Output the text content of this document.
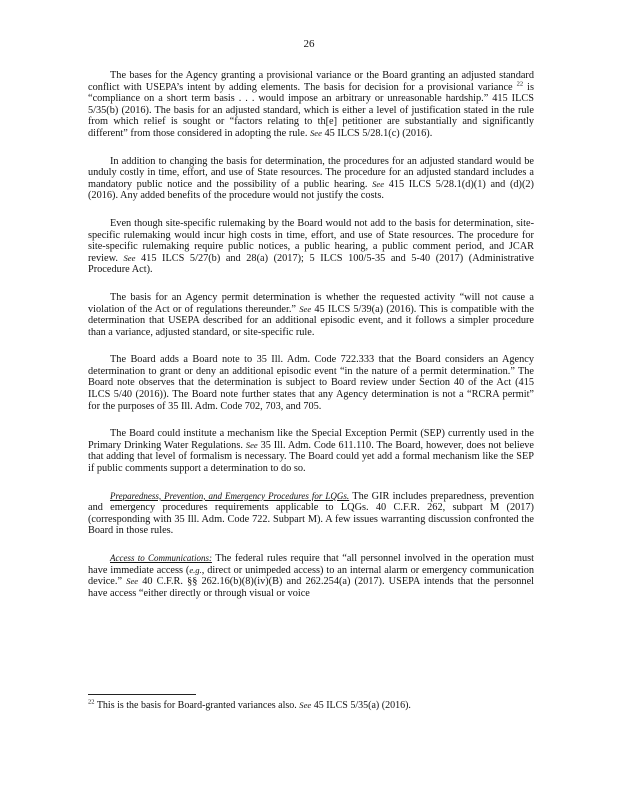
26

The bases for the Agency granting a provisional variance or the Board granting an adjusted standard conflict with USEPA’s intent by adding elements. The basis for decision for a provisional variance $^{22}$ is “compliance on a short term basis . . . would impose an arbitrary or unreasonable hardship.” 415 ILCS 5/35(b) (2016). The basis for an adjusted standard, which is either a level of justification stated in the rule from which relief is sought or “factors relating to th[e] petitioner are substantially and significantly different” from those considered in adopting the rule. See 45 ILCS 5/28.1(c) (2016).

In addition to changing the basis for determination, the procedures for an adjusted standard would be unduly costly in time, effort, and use of State resources. The procedure for an adjusted standard includes a mandatory public notice and the possibility of a public hearing. See 415 ILCS 5/28.1(d)(1) and (d)(2) (2016). Any added benefits of the procedure would not justify the costs.

Even though site-specific rulemaking by the Board would not add to the basis for determination, site-specific rulemaking would incur high costs in time, effort, and use of State resources. The procedure for site-specific rulemaking require public notices, a public hearing, a public comment period, and JCAR review. See 415 ILCS 5/27(b) and 28(a) (2017); 5 ILCS 100/5-35 and 5-40 (2017) (Administrative Procedure Act).

The basis for an Agency permit determination is whether the requested activity “will not cause a violation of the Act or of regulations thereunder.” See 45 ILCS 5/39(a) (2016). This is compatible with the determination that USEPA described for an additional episodic event, and it follows a simpler procedure than a variance, adjusted standard, or site-specific rule.

The Board adds a Board note to 35 Ill. Adm. Code 722.333 that the Board considers an Agency determination to grant or deny an additional episodic event “in the nature of a permit determination.” The Board note observes that the determination is subject to Board review under Section 40 of the Act (415 ILCS 5/40 (2016)). The Board note further states that any Agency determination is not a “RCRA permit” for the purposes of 35 Ill. Adm. Code 702, 703, and 705.

The Board could institute a mechanism like the Special Exception Permit (SEP) currently used in the Primary Drinking Water Regulations. See 35 Ill. Adm. Code 611.110. The Board, however, does not believe that adding that level of formalism is necessary. The Board could yet add a formal mechanism like the SEP if public comments support a determination to do so.

Preparedness, Prevention, and Emergency Procedures for LQGs. The GIR includes preparedness, prevention and emergency procedures requirements applicable to LQGs. 40 C.F.R. 262, subpart M (2017) (corresponding with 35 Ill. Adm. Code 722. Subpart M). A few issues warranting discussion confronted the Board in those rules.

Access to Communications: The federal rules require that “all personnel involved in the operation must have immediate access (e.g., direct or unimpeded access) to an internal alarm or emergency communication device.” See 40 C.F.R. §§ 262.16(b)(8)(iv)(B) and 262.254(a) (2017). USEPA intends that the personnel have access “either directly or through visual or voice

$^{22}$ This is the basis for Board-granted variances also. See 45 ILCS 5/35(a) (2016).
